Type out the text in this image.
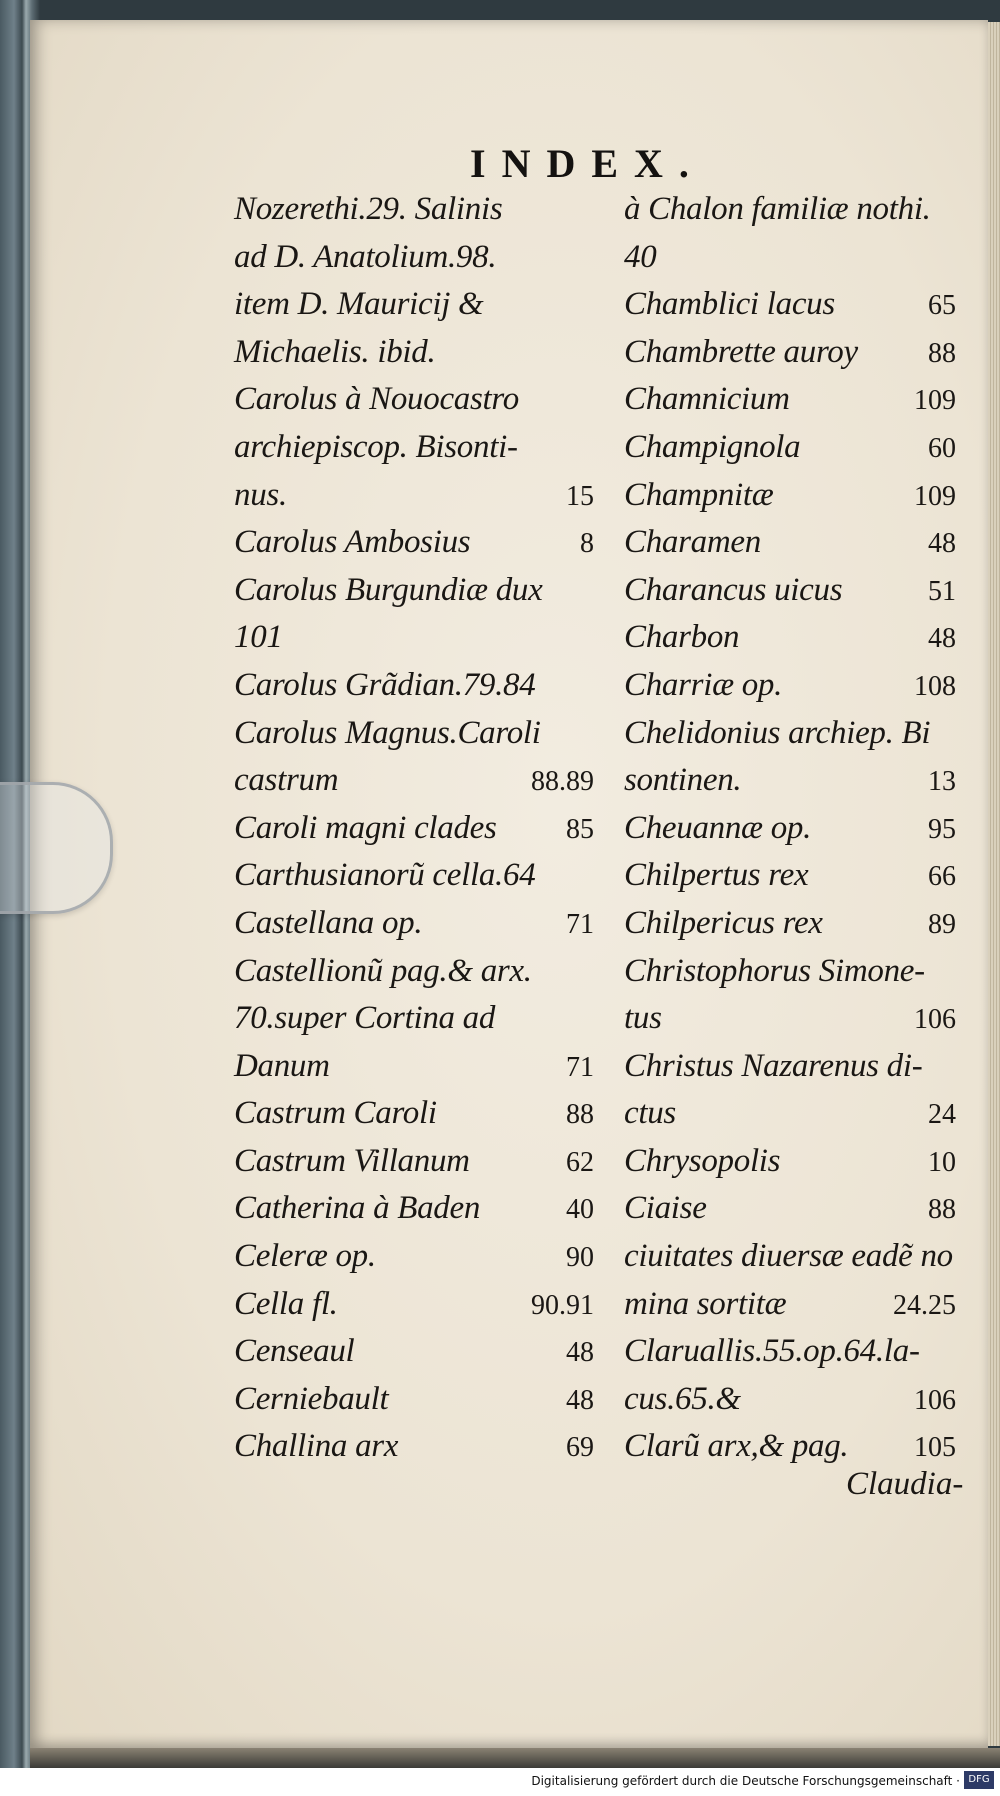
INDEX.
Nozerethi.29. Salinis
ad D. Anatolium.98.
item D. Mauricij &
Michaelis. ibid.
Carolus à Nouocastro
archiepiscop. Bisonti-
nus.	15
Carolus Ambosius	8
Carolus Burgundiæ dux
101
Carolus Grãdian.79.84
Carolus Magnus.Caroli
castrum	88.89
Caroli magni clades 85
Carthusianorũ cella.64
Castellana op.	71
Castellionũ pag.& arx.
70.super Cortina ad
Danum	71
Castrum Caroli	88
Castrum Villanum	62
Catherina à Baden	40
Celeræ op.	90
Cella fl.	90.91
Censeaul	48
Cerniebault	48
Challina arx	69
à Chalon familiæ nothi.
40
Chamblici lacus	65
Chambrette auroy	88
Chamnicium	109
Champignola	60
Champnitæ	109
Charamen	48
Charancus uicus	51
Charbon	48
Charriæ op.	108
Chelidonius archiep. Bi
sontinen.	13
Cheuannæ op.	95
Chilpertus rex	66
Chilpericus rex	89
Christophorus Simone-
tus	106
Christus Nazarenus di-
ctus	24
Chrysopolis	10
Ciaise	88
ciuitates diuersæ eadẽ no
mina sortitæ	24.25
Claruallis.55.op.64.la-
cus.65.&	106
Clarũ arx,& pag. 105
Claudia-
Digitalisierung gefördert durch die Deutsche Forschungsgemeinschaft · DFG
